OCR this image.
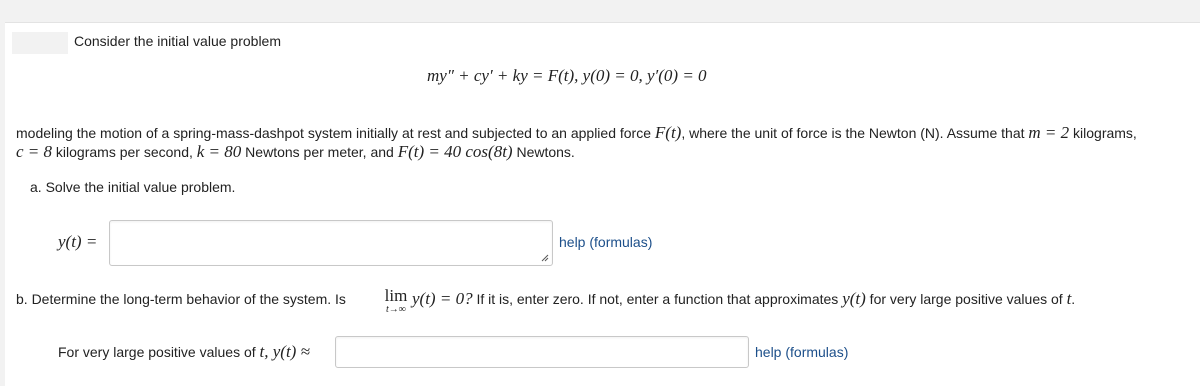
Consider the initial value problem
my″ + cy′ + ky = F(t), y(0) = 0, y′(0) = 0
modeling the motion of a spring-mass-dashpot system initially at rest and subjected to an applied force F(t), where the unit of force is the Newton (N). Assume that m = 2 kilograms,
c = 8 kilograms per second, k = 80 Newtons per meter, and F(t) = 40 cos(8t) Newtons.
a. Solve the initial value problem.
y(t) =	help (formulas)
b. Determine the long-term behavior of the system. Is lim
t→∞
y(t) = 0? If it is, enter zero. If not, enter a function that approximates y(t) for very large positive values of t.
For very large positive values of t, y(t) ≈	help (formulas)
